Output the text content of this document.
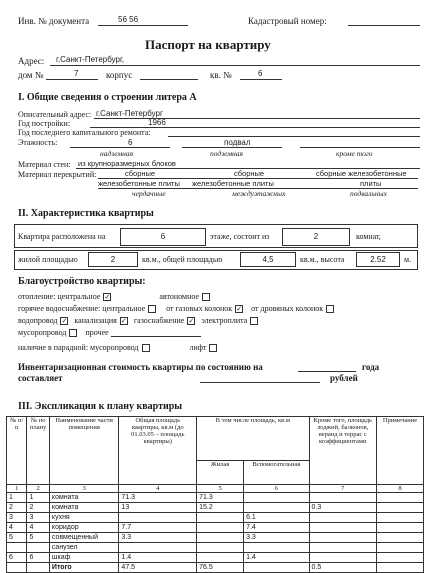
Инв. № документа	56 56	Кадастровый номер:
Паспорт на квартиру
Адрес: г.Санкт-Петербург,
дом №	7	корпус	кв. №	6
I. Общие сведения о строении литера А
Описательный адрес: г.Санкт-Петербург
Год постройки:	1966
Год последнего капитального ремонта:
Этажность:	6	подвал
надземная	подземная	кроме того
Материал стен: из крупноразмерных блоков
Материал перекрытий:	сборные	сборные	сборные железобетонные
железобетонные плиты железобетонные плиты	плиты
чердачные	междуэтажных	подвальных
II. Характеристика квартиры
Квартира расположена на	6	этаже, состоит из	2	комнат,
жилой площадью	2	кв.м., общей площадью	4,5	кв.м., высота	2.52	м.
Благоустройство квартиры:
отопление: центральное ✓	автономное
горячее водоснабжение: центральное	от газовых колонок ✓ от дровяных колонок
водопровод ✓ канализация ✓ газоснабжение ✓ электроплита
мусоропровод прочее
наличие в парадной: мусоропровод	лифт
Инвентаризационная стоимость квартиры по состоянию на	года
составляет	рублей
III. Экспликация к плану квартиры
№ п/п	№ по плану	Наименование части помещения	Общая площадь квартиры, кв.м (до 01.03.05 – площадь квартиры)	В том числе площадь, кв.м		Кроме того, площадь лоджий, балконов, веранд и террас с коэффициентами	Примечание
				Жилая	Вспомогательная		
1	2	3	4	5	6	7	8
1	1	комната	71.3	71.3			
2	2	комната	13	15.2		0.3	
3	3	кухня			6.1		
4	4	коридор	7.7		7.4		
5	5	совмещенный	3.3		3.3		
		санузел					
6	6	шкаф	1.4		1.4		
		Итого	47.5	76.5		0.5	
